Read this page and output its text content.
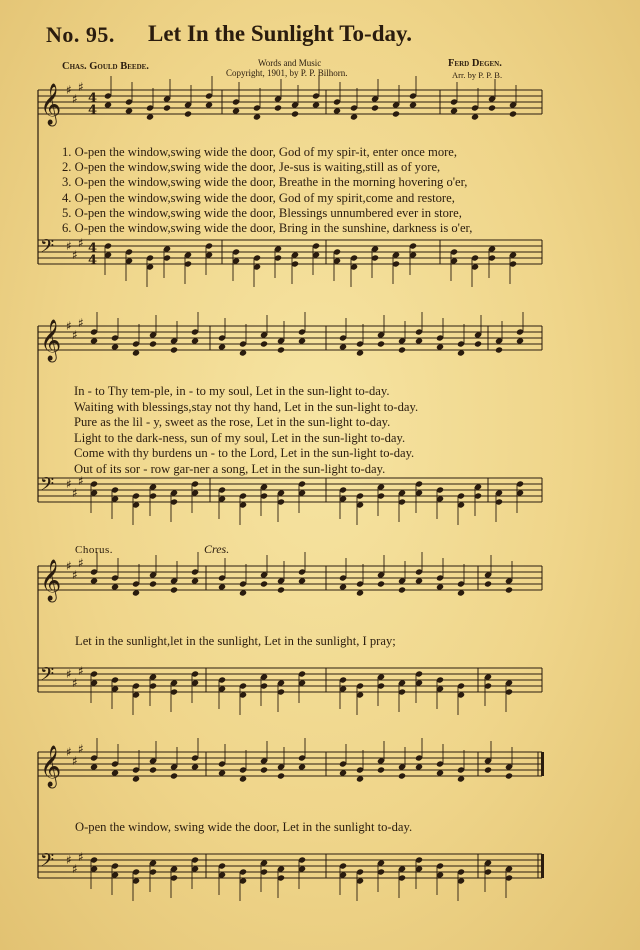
No. 95. Let In the Sunlight To-day.
Chas. Gould Beede.	Words and Music
Copyright, 1901, by P. P. Bilhorn.
Ferd Degen.
Arr. by P. P. B.
𝄞 ♯
♯
♯
4
4
𝄢 ♯
♯
♯ 4
4
𝄞 ♯
♯
♯
𝄢 ♯
♯
♯
𝄞 ♯
♯
♯
𝄢 ♯
♯
♯
𝄞 ♯
♯
♯
𝄢 ♯
♯
♯
1. O-pen the window,swing wide the door, God of my spir-it, enter once more,
2. O-pen the window,swing wide the door, Je-sus is waiting,still as of yore,
3. O-pen the window,swing wide the door, Breathe in the morning hovering o'er,
4. O-pen the window,swing wide the door, God of my spirit,come and restore,
5. O-pen the window,swing wide the door, Blessings unnumbered ever in store,
6. O-pen the window,swing wide the door, Bring in the sunshine, darkness is o'er,
In - to Thy tem-ple, in - to my soul, Let in the sun-light to-day.
Waiting with blessings,stay not thy hand, Let in the sun-light to-day.
Pure as the lil - y, sweet as the rose, Let in the sun-light to-day.
Light to the dark-ness, sun of my soul, Let in the sun-light to-day.
Come with thy burdens un - to the Lord, Let in the sun-light to-day.
Out of its sor - row gar-ner a song, Let in the sun-light to-day.
Chorus.	Cres.
Let in the sunlight,let in the sunlight, Let in the sunlight, I pray;
O-pen the window, swing wide the door, Let in the sunlight to-day.
